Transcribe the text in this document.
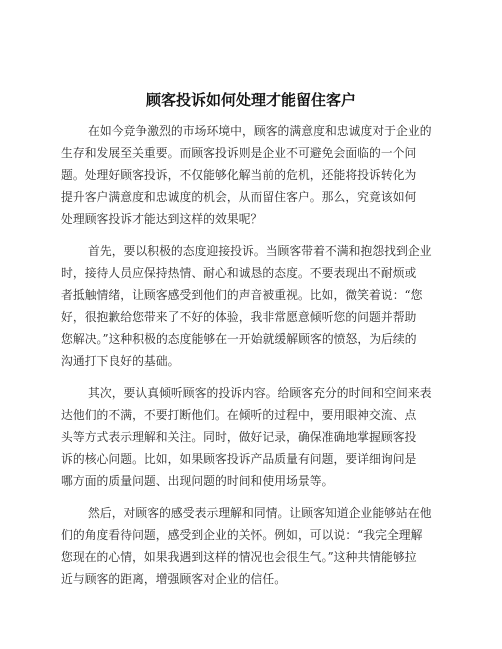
顾客投诉如何处理才能留住客户
在如今竞争激烈的市场环境中，顾客的满意度和忠诚度对于企业的
生存和发展至关重要。而顾客投诉则是企业不可避免会面临的一个问
题。处理好顾客投诉，不仅能够化解当前的危机，还能将投诉转化为
提升客户满意度和忠诚度的机会，从而留住客户。那么，究竟该如何
处理顾客投诉才能达到这样的效果呢？
首先，要以积极的态度迎接投诉。当顾客带着不满和抱怨找到企业
时，接待人员应保持热情、耐心和诚恳的态度。不要表现出不耐烦或
者抵触情绪，让顾客感受到他们的声音被重视。比如，微笑着说：“您
好，很抱歉给您带来了不好的体验，我非常愿意倾听您的问题并帮助
您解决。”这种积极的态度能够在一开始就缓解顾客的愤怒，为后续的
沟通打下良好的基础。
其次，要认真倾听顾客的投诉内容。给顾客充分的时间和空间来表
达他们的不满，不要打断他们。在倾听的过程中，要用眼神交流、点
头等方式表示理解和关注。同时，做好记录，确保准确地掌握顾客投
诉的核心问题。比如，如果顾客投诉产品质量有问题，要详细询问是
哪方面的质量问题、出现问题的时间和使用场景等。
然后，对顾客的感受表示理解和同情。让顾客知道企业能够站在他
们的角度看待问题，感受到企业的关怀。例如，可以说：“我完全理解
您现在的心情，如果我遇到这样的情况也会很生气。”这种共情能够拉
近与顾客的距离，增强顾客对企业的信任。
